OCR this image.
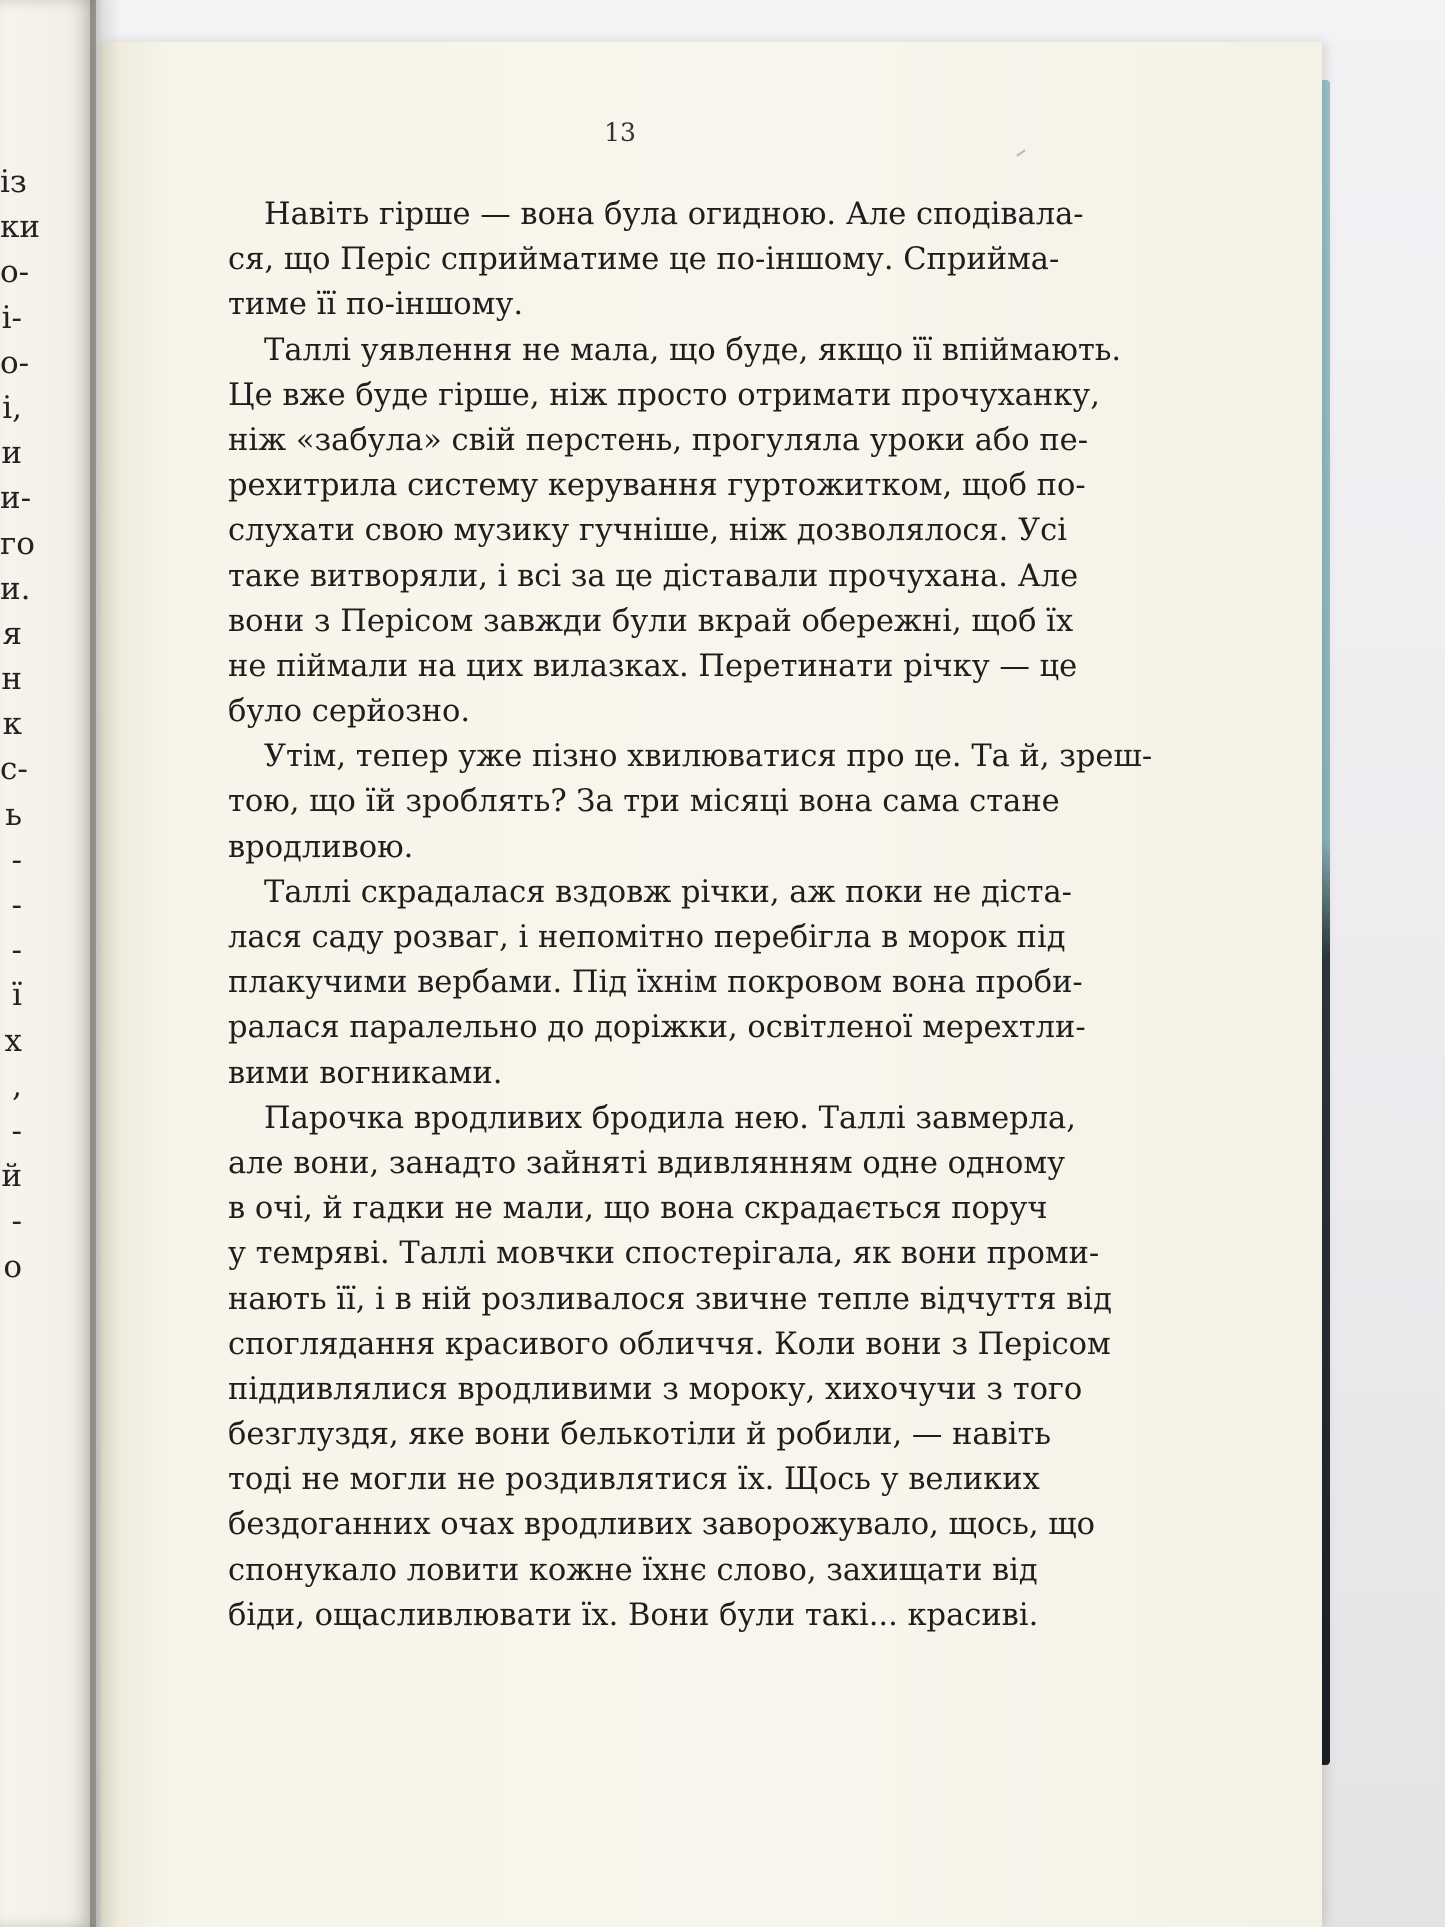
із
ки
о-
і-
о-
і,
и
и-
го
и.
я
н
к
с-
ь
-
-
-
ї
х
,
-
й
-
о
13
Навіть гірше — вона була огидною. Але сподівала-
ся, що Періс сприйматиме це по-іншому. Сприйма-
тиме її по-іншому.
Таллі уявлення не мала, що буде, якщо її впіймають.
Це вже буде гірше, ніж просто отримати прочуханку,
ніж «забула» свій перстень, прогуляла уроки або пе-
рехитрила систему керування гуртожитком, щоб по-
слухати свою музику гучніше, ніж дозволялося. Усі
таке витворяли, і всі за це діставали прочухана. Але
вони з Перісом завжди були вкрай обережні, щоб їх
не піймали на цих вилазках. Перетинати річку — це
було серйозно.
Утім, тепер уже пізно хвилюватися про це. Та й, зреш-
тою, що їй зроблять? За три місяці вона сама стане
вродливою.
Таллі скрадалася вздовж річки, аж поки не діста-
лася саду розваг, і непомітно перебігла в морок під
плакучими вербами. Під їхнім покровом вона проби-
ралася паралельно до доріжки, освітленої мерехтли-
вими вогниками.
Парочка вродливих бродила нею. Таллі завмерла,
але вони, занадто зайняті вдивлянням одне одному
в очі, й гадки не мали, що вона скрадається поруч
у темряві. Таллі мовчки спостерігала, як вони проми-
нають її, і в ній розливалося звичне тепле відчуття від
споглядання красивого обличчя. Коли вони з Перісом
піддивлялися вродливими з мороку, хихочучи з того
безглуздя, яке вони белькотіли й робили, — навіть
тоді не могли не роздивлятися їх. Щось у великих
бездоганних очах вродливих заворожувало, щось, що
спонукало ловити кожне їхнє слово, захищати від
біди, ощасливлювати їх. Вони були такі... красиві.
